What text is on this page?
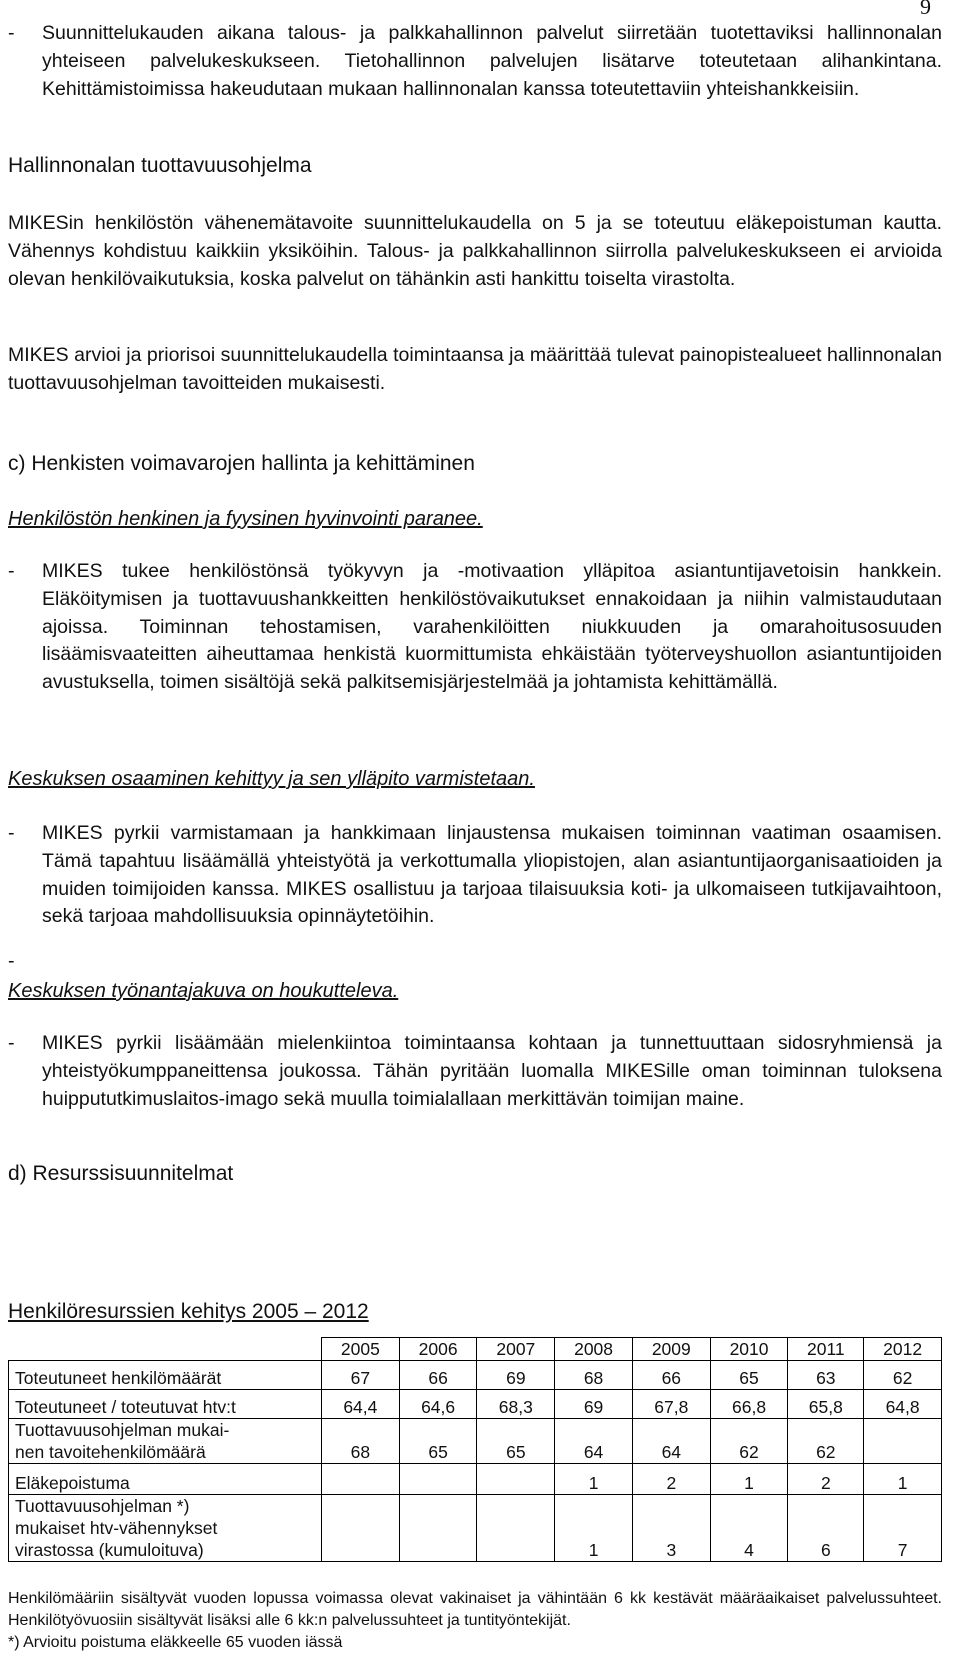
9
-	Suunnittelukauden aikana talous- ja palkkahallinnon palvelut siirretään tuotettaviksi hallinnonalan yhteiseen palvelukeskukseen. Tietohallinnon palvelujen lisätarve toteutetaan alihankintana. Kehittämistoimissa hakeudutaan mukaan hallinnonalan kanssa toteutettaviin yhteishankkeisiin.
Hallinnonalan tuottavuusohjelma
MIKESin henkilöstön vähenemätavoite suunnittelukaudella on 5 ja se toteutuu eläkepoistuman kautta. Vähennys kohdistuu kaikkiin yksiköihin. Talous- ja palkkahallinnon siirrolla palvelukeskukseen ei arvioida olevan henkilövaikutuksia, koska palvelut on tähänkin asti hankittu toiselta virastolta.
MIKES arvioi ja priorisoi suunnittelukaudella toimintaansa ja määrittää tulevat painopistealueet hallinnonalan tuottavuusohjelman tavoitteiden mukaisesti.
c) Henkisten voimavarojen hallinta ja kehittäminen
Henkilöstön henkinen ja fyysinen hyvinvointi paranee.
-	MIKES tukee henkilöstönsä työkyvyn ja -motivaation ylläpitoa asiantuntijavetoisin hankkein. Eläköitymisen ja tuottavuushankkeitten henkilöstövaikutukset ennakoidaan ja niihin valmistaudutaan ajoissa. Toiminnan tehostamisen, varahenkilöitten niukkuuden ja omarahoitusosuuden lisäämisvaateitten aiheuttamaa henkistä kuormittumista ehkäistään työterveyshuollon asiantuntijoiden avustuksella, toimen sisältöjä sekä palkitsemisjärjestelmää ja johtamista kehittämällä.
Keskuksen osaaminen kehittyy ja sen ylläpito varmistetaan.
-	MIKES pyrkii varmistamaan ja hankkimaan linjaustensa mukaisen toiminnan vaatiman osaamisen. Tämä tapahtuu lisäämällä yhteistyötä ja verkottumalla yliopistojen, alan asiantuntijaorganisaatioiden ja muiden toimijoiden kanssa. MIKES osallistuu ja tarjoaa tilaisuuksia koti- ja ulkomaiseen tutkijavaihtoon, sekä tarjoaa mahdollisuuksia opinnäytetöihin.
-
Keskuksen työnantajakuva on houkutteleva.
-	MIKES pyrkii lisäämään mielenkiintoa toimintaansa kohtaan ja tunnettuuttaan sidosryhmiensä ja yhteistyökumppaneittensa joukossa. Tähän pyritään luomalla MIKESille oman toiminnan tuloksena huippututkimuslaitos-imago sekä muulla toimialallaan merkittävän toimijan maine.
d) Resurssisuunnitelmat
Henkilöresurssien kehitys 2005 – 2012
	2005	2006	2007	2008	2009	2010	2011	2012
Toteutuneet henkilömäärät	67	66	69	68	66	65	63	62
Toteutuneet / toteutuvat htv:t	64,4	64,6	68,3	69	67,8	66,8	65,8	64,8
Tuottavuusohjelman mukai-
nen tavoitehenkilömäärä	68	65	65	64	64	62	62	
Eläkepoistuma				1	2	1	2	1
Tuottavuusohjelman *)
mukaiset htv-vähennykset
virastossa (kumuloituva)				1	3	4	6	7
Henkilömääriin sisältyvät vuoden lopussa voimassa olevat vakinaiset ja vähintään 6 kk kestävät määräaikaiset palvelussuhteet. Henkilötyövuosiin sisältyvät lisäksi alle 6 kk:n palvelussuhteet ja tuntityöntekijät.
*) Arvioitu poistuma eläkkeelle 65 vuoden iässä
